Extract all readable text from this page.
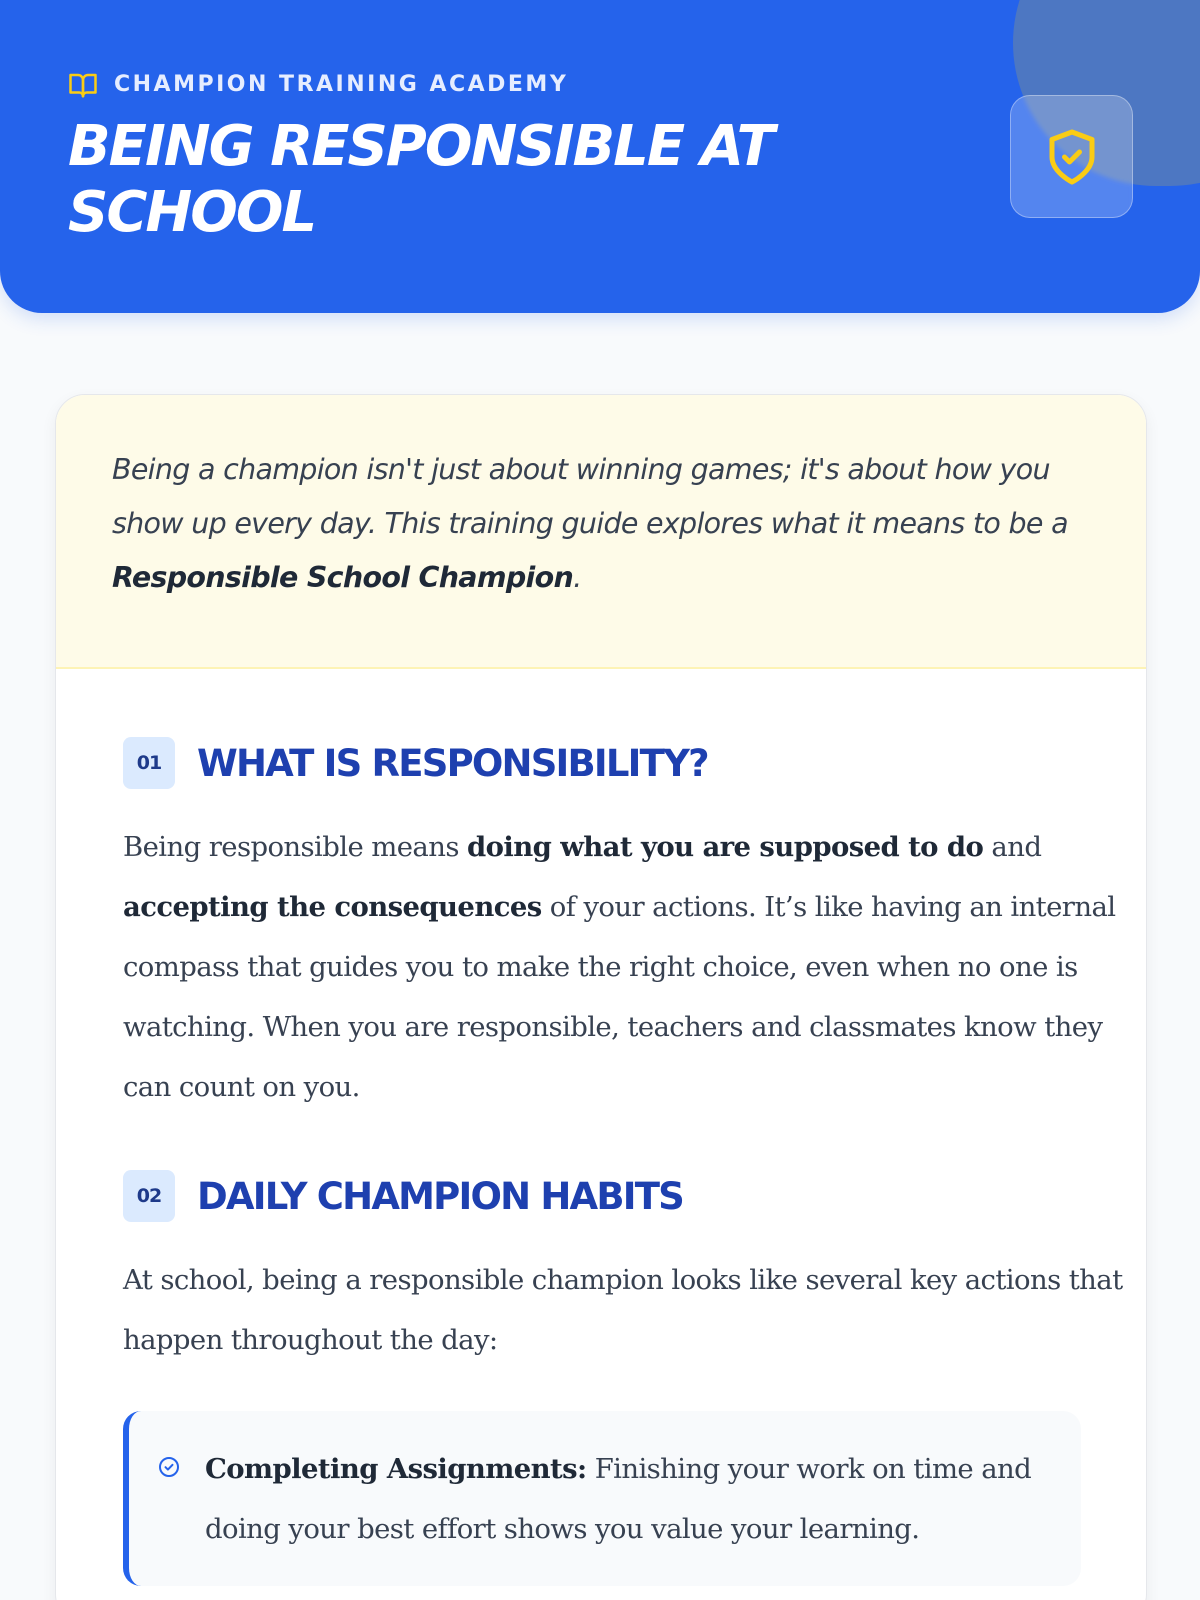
CHAMPION TRAINING ACADEMY
BEING RESPONSIBLE AT SCHOOL

Being a champion isn't just about winning games; it's about how you show up every day. This training guide explores what it means to be a Responsible School Champion.

01 WHAT IS RESPONSIBILITY?

Being responsible means doing what you are supposed to do and accepting the consequences of your actions. It’s like having an internal compass that guides you to make the right choice, even when no one is watching. When you are responsible, teachers and classmates know they can count on you.

02 DAILY CHAMPION HABITS

At school, being a responsible champion looks like several key actions that happen throughout the day:

Completing Assignments: Finishing your work on time and doing your best effort shows you value your learning.
